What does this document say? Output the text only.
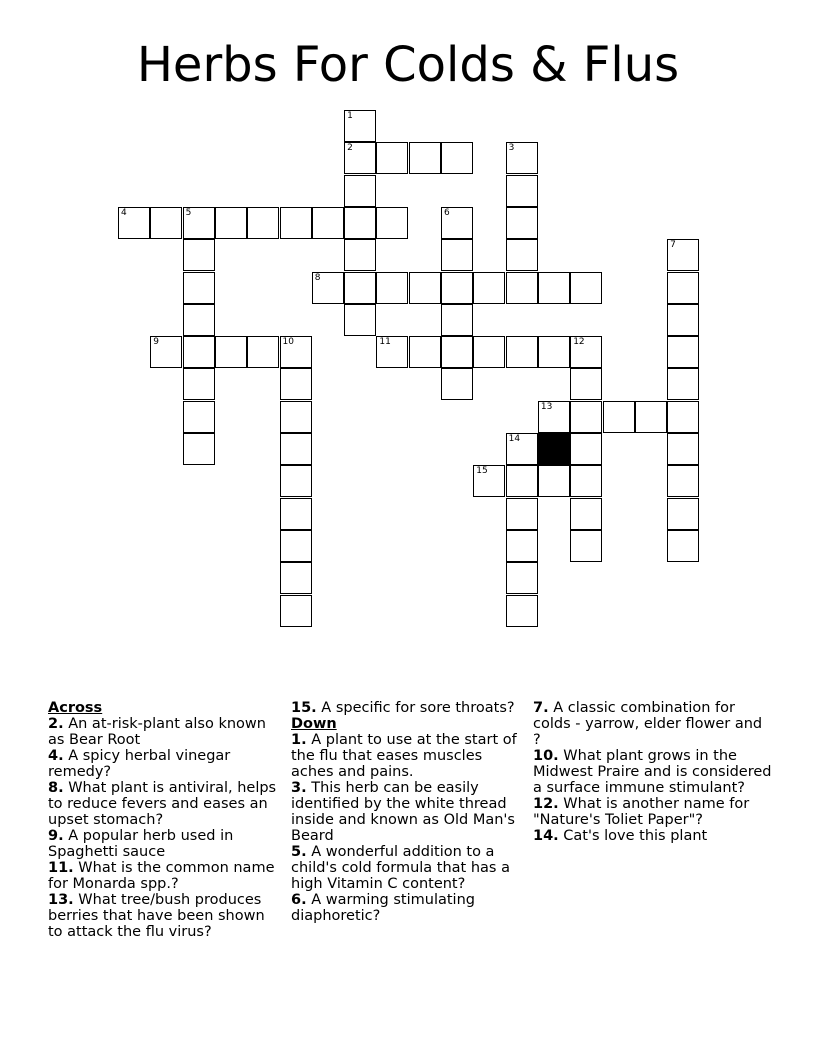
Herbs For Colds & Flus
1
2	3
4	5	6
7
8
9	10	11	12
13
14
15
Across
2. An at-risk-plant also known as Bear Root
4. A spicy herbal vinegar remedy?
8. What plant is antiviral, helps to reduce fevers and eases an upset stomach?
9. A popular herb used in Spaghetti sauce
11. What is the common name for Monarda spp.?
13. What tree/bush produces berries that have been shown to attack the flu virus?
15. A specific for sore throats?
Down
1. A plant to use at the start of the flu that eases muscles aches and pains.
3. This herb can be easily identified by the white thread inside and known as Old Man's Beard
5. A wonderful addition to a child's cold formula that has a high Vitamin C content?
6. A warming stimulating diaphoretic?
7. A classic combination for colds - yarrow, elder flower and ?
10. What plant grows in the Midwest Praire and is considered a surface immune stimulant?
12. What is another name for "Nature's Toliet Paper"?
14. Cat's love this plant
